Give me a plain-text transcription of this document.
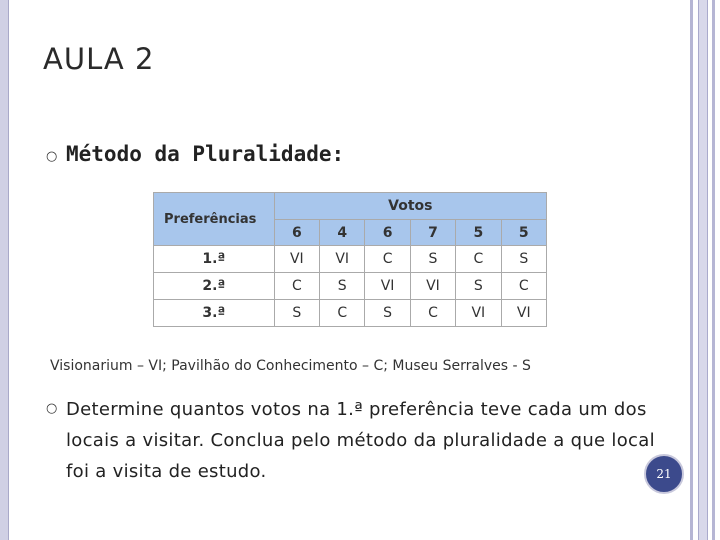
AULA 2
○ Método da Pluralidade:
Preferências	Votos					
	6	4	6	7	5	5
1.ª	VI	VI	C	S	C	S
2.ª	C	S	VI	VI	S	C
3.ª	S	C	S	C	VI	VI
Visionarium – VI; Pavilhão do Conhecimento – C; Museu Serralves - S
○ Determine quantos votos na 1.ª preferência teve cada um dos locais a visitar. Conclua pelo método da pluralidade a que local foi a visita de estudo.	21
